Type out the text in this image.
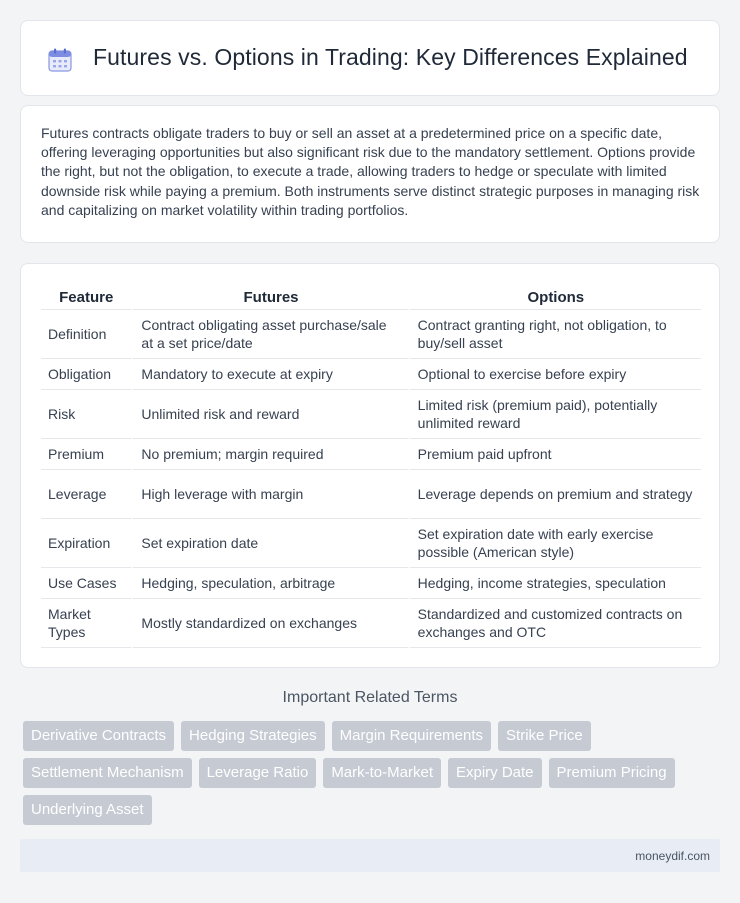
Futures vs. Options in Trading: Key Differences Explained

Futures contracts obligate traders to buy or sell an asset at a predetermined price on a specific date, offering leveraging opportunities but also significant risk due to the mandatory settlement. Options provide the right, but not the obligation, to execute a trade, allowing traders to hedge or speculate with limited downside risk while paying a premium. Both instruments serve distinct strategic purposes in managing risk and capitalizing on market volatility within trading portfolios.

Feature	Futures	Options
Definition	Contract obligating asset purchase/sale at a set price/date	Contract granting right, not obligation, to buy/sell asset
Obligation	Mandatory to execute at expiry	Optional to exercise before expiry
Risk	Unlimited risk and reward	Limited risk (premium paid), potentially unlimited reward
Premium	No premium; margin required	Premium paid upfront
Leverage	High leverage with margin	Leverage depends on premium and strategy
Expiration	Set expiration date	Set expiration date with early exercise possible (American style)
Use Cases	Hedging, speculation, arbitrage	Hedging, income strategies, speculation
Market Types	Mostly standardized on exchanges	Standardized and customized contracts on exchanges and OTC
Important Related Terms
Derivative Contracts	Hedging Strategies	Margin Requirements	Strike Price
Settlement Mechanism	Leverage Ratio	Mark-to-Market	Expiry Date	Premium Pricing
Underlying Asset
moneydif.com
